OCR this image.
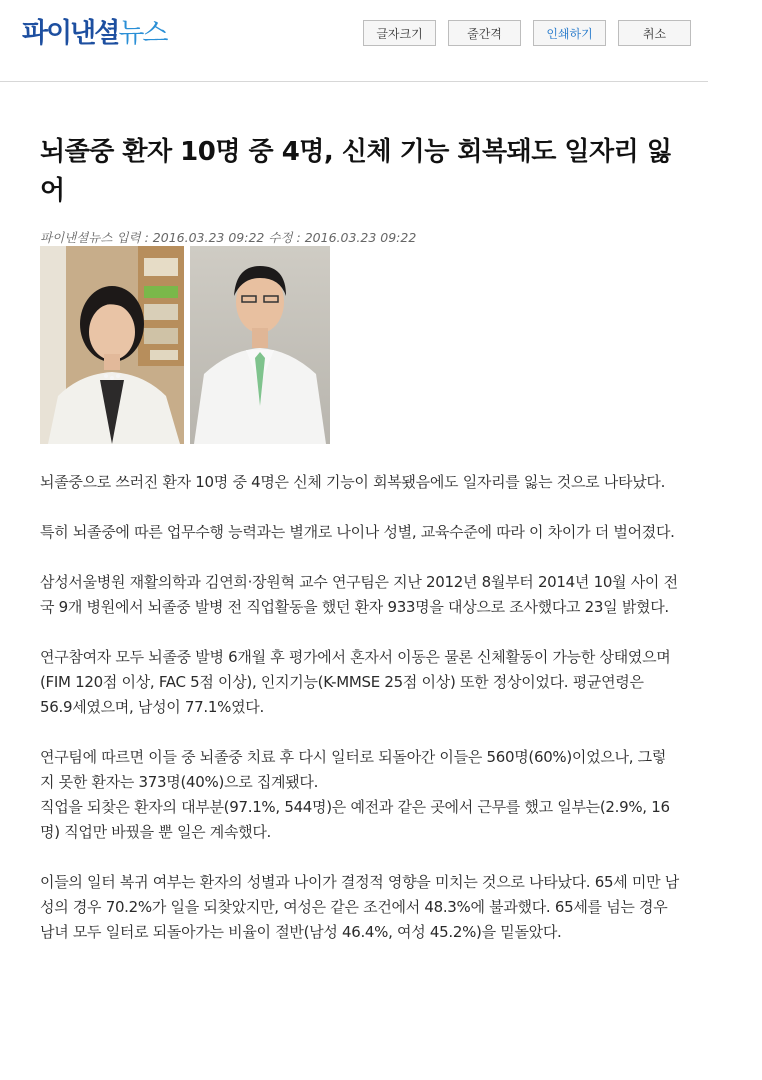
파이낸셜뉴스	글자크기	줄간격	인쇄하기	취소
뇌졸중 환자 10명 중 4명, 신체 기능 회복돼도 일자리 잃어
파이낸셜뉴스 입력 : 2016.03.23 09:22 수정 : 2016.03.23 09:22

뇌졸중으로 쓰러진 환자 10명 중 4명은 신체 기능이 회복됐음에도 일자리를 잃는 것으로 나타났다.

특히 뇌졸중에 따른 업무수행 능력과는 별개로 나이나 성별, 교육수준에 따라 이 차이가 더 벌어졌다.

삼성서울병원 재활의학과 김연희·장원혁 교수 연구팀은 지난 2012년 8월부터 2014년 10월 사이 전국 9개 병원에서 뇌졸중 발병 전 직업활동을 했던 환자 933명을 대상으로 조사했다고 23일 밝혔다.

연구참여자 모두 뇌졸중 발병 6개월 후 평가에서 혼자서 이동은 물론 신체활동이 가능한 상태였으며(FIM 120점 이상, FAC 5점 이상), 인지기능(K-MMSE 25점 이상) 또한 정상이었다. 평균연령은 56.9세였으며, 남성이 77.1%였다.

연구팀에 따르면 이들 중 뇌졸중 치료 후 다시 일터로 되돌아간 이들은 560명(60%)이었으나, 그렇지 못한 환자는 373명(40%)으로 집계됐다.

직업을 되찾은 환자의 대부분(97.1%, 544명)은 예전과 같은 곳에서 근무를 했고 일부는(2.9%, 16명) 직업만 바꿨을 뿐 일은 계속했다.

이들의 일터 복귀 여부는 환자의 성별과 나이가 결정적 영향을 미치는 것으로 나타났다. 65세 미만 남성의 경우 70.2%가 일을 되찾았지만, 여성은 같은 조건에서 48.3%에 불과했다. 65세를 넘는 경우 남녀 모두 일터로 되돌아가는 비율이 절반(남성 46.4%, 여성 45.2%)을 밑돌았다.
